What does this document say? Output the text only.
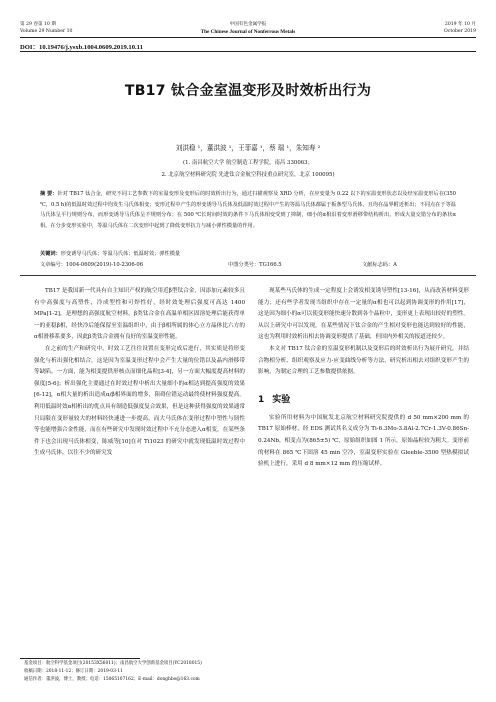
第 29 卷第 10 期	中国有色金属学报	2019 年 10 月
Volume 29 Number 10	The Chinese Journal of Nonferrous Metals	October 2019
DOI：10.19476/j.ysxb.1004.0609.2019.10.11
TB17 钛合金室温变形及时效析出行为
刘洪稳 ¹，董洪波 ¹，王菲嘉 ¹，蔡 瑞 ¹，朱知寿 ²
(1. 南昌航空大学 航空制造工程学院，南昌 330063；
2. 北京航空材料研究院 先进钛合金航空科技重点研究室，北京 100095)
摘 要：针对 TB17 钛合金，研究不同工艺参数下的室温变形及变形后的时效析出行为，通过扫描观察及 XRD 分析，在应变量为 0.22 以下的室温变形状态以及经室温变形后在(350 ℃，0.5 h)的低温时效过程中均发生马氏体相变；变形过程中产生的形变诱导马氏体及低温时效过程中产生的等温马氏体都属于板条型马氏体，且均在晶界附近析出；不同点在于等温马氏体呈平行规则分布，而形变诱导马氏体呈不规则分布；在 500 ℃长时间时效的条件下马氏体相变受到了抑制，细小的α相沿着变形滑移带结构析出，形成大量交错分布的条状α相。在分步变形实验中，等温马氏体在二次变形中起到了降低变形抗力与减小弹性模量的作用。
关键词：形变诱导马氏体；等温马氏体；低温时效；弹性模量
文章编号：1004-0609(2019)-10-2306-06	中图分类号：TG166.5	文献标志码：A

TB17 是我国新一代具有自主知识产权的航空用近β型钛合金，因添加元素较多且有中高强度与高塑性，冷成型性和可焊性好，经时效处理后强度可高达 1400 MPa[1-2]，是理想的高强度航空材料。β类钛合金在高温单相区固溶处理后能获得单一的亚稳β相，经快冷后能保留至室温组织中，由于β相所属的体心立方晶体比六方的α相滑移系要多，因此β类钛合金拥有良好的室温变形性能。

在之前的生产和研究中，时效工艺往往设置在变形完成后进行，其实质是将形变强化与析出强化相结合，这是因为室温变形过程中会产生大量的位错以及晶内滑移带等缺陷，一方面，能为相变提供形核点而细化晶粒[3-4]，另一方面大幅度提高材料的强度[5-6]；析出强化主要通过在时效过程中析出大量细小的α相达到提高强度的效果[6-12]，α相大量的析出造成α/β相界面的增多，阻碍位错运动最终使材料强度提高。利用低温时效α相析出的优点具有制造低强度复合效果，但是这种获得强度的效果通常只局限在变形量较大的材料经快速进一步提高，而大马氏体在变形过程中塑性与韧性等也能增强合金性能，而在有些研究中发现时效过程中不充分态进入α相变，在某些条件下也会出现马氏体相变，陈威等[10]在对 Ti1023 的研究中就发现低温时效过程中生成马氏体，以往不少的研究发

现某些马氏体的生成一定程度上会诱发相变诱导塑性[13-16]，从而改善材料变形能力；还有些学者发现当组织中存在一定量的α相也可以起到协调变形的作用[17]，这是因为细小的α可以使变形能快速分散到各个晶粒中，变形更上表现出较好的塑性。从以上研究中可以发现，在某些情况下钛合金的产生相对变形也能达到较好的性能，这也为利用时效析出相去协调变形提供了基础，但国内外相关的报道还较少。

本文对 TB17 钛合金的室温变形机制以及变形后的时效析出行为展开研究，并结合物相分析、组织观察及应力-应变曲线分析等方法，研究析出相去对组织变形产生的影响，为制定合理的工艺参数提供依据。

1 实验

实验所用材料为中国航发北京航空材料研究院提供的 d 50 mm×200 mm 的 TB17 原始棒材，经 EDS 测试其名义成分为 Ti-6.3Mo-3.8Al-2.7Cr-1.3V-0.86Sn-0.24Nb，相变点为(865±5) ℃，原始组织如图 1 所示，原始晶粒较为粗大。变形前的材料在 865 ℃下固溶 45 min 空冷，室温变形实验在 Gleeble-3500 型热模拟试验机上进行，采用 d 8 mm×12 mm 的压缩试样。

基金项目：航空科学基金项目(20153X56011)；南昌航空大学创新基金项目(YC2018015)
收稿日期：2018-11-12；修订日期：2019-03-11
通信作者：董洪波，博士，教授；电话：15065107162；E-mail：donghbo@163.com
